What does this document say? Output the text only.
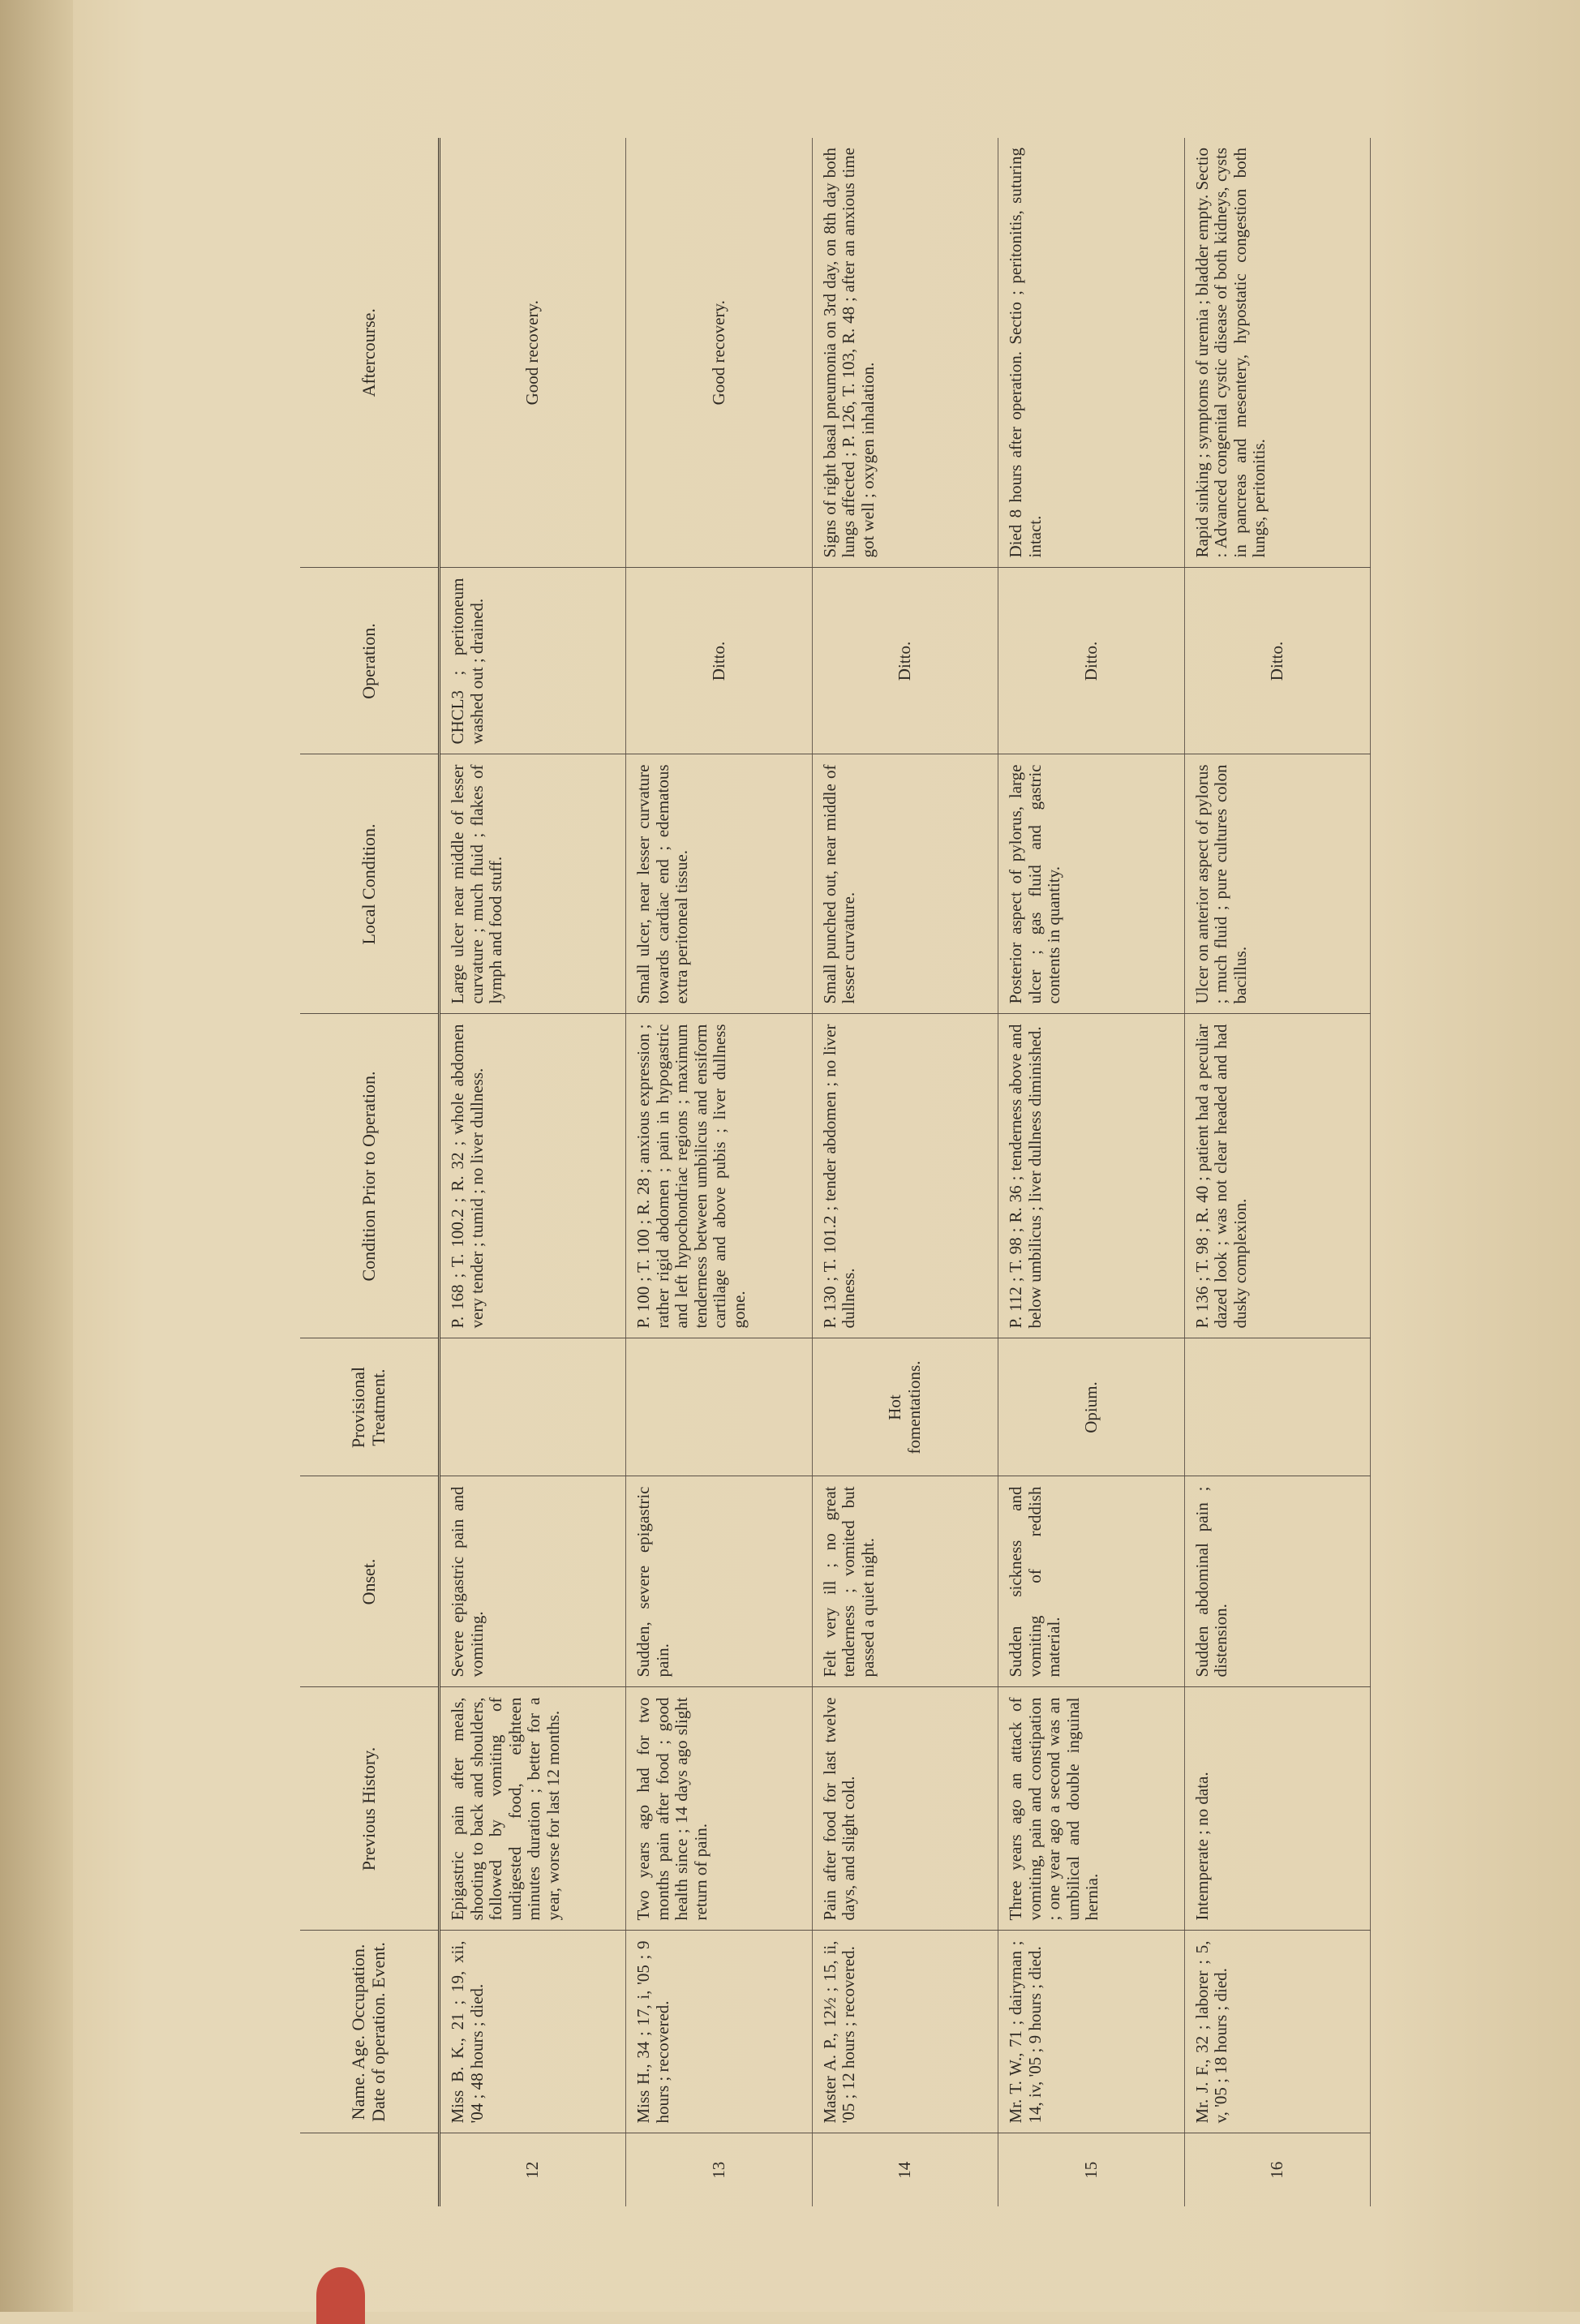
	Name. Age. Occupation. Date of operation. Event.	Previous History.	Onset.	Provisional Treatment.	Condition Prior to Operation.	Local Condition.	Operation.	Aftercourse.
12	Miss B. K., 21 ; 19, xii, '04 ; 48 hours ; died.	Epigastric pain after meals, shooting to back and shoulders, followed by vomiting of undigested food, eighteen minutes duration ; better for a year, worse for last 12 months.	Severe epigastric pain and vomiting.		P. 168 ; T. 100.2 ; R. 32 ; whole abdomen very tender ; tumid ; no liver dullness.	Large ulcer near middle of lesser curvature ; much fluid ; flakes of lymph and food stuff.	CHCL3 ; peritoneum washed out ; drained.	Good recovery.
13	Miss H., 34 ; 17, i, '05 ; 9 hours ; recovered.	Two years ago had for two months pain after food ; good health since ; 14 days ago slight return of pain.	Sudden, severe epigastric pain.		P. 100 ; T. 100 ; R. 28 ; anxious expression ; rather rigid abdomen ; pain in hypogastric and left hypochondriac regions ; maximum tenderness between umbilicus and ensiform cartilage and above pubis ; liver dullness gone.	Small ulcer, near lesser curvature towards cardiac end ; edematous extra peritoneal tissue.	Ditto.	Good recovery.
14	Master A. P., 12½ ; 15, ii, '05 ; 12 hours ; recovered.	Pain after food for last twelve days, and slight cold.	Felt very ill ; no great tenderness ; vomited but passed a quiet night.	Hot fomentations.	P. 130 ; T. 101.2 ; tender abdomen ; no liver dullness.	Small punched out, near middle of lesser curvature.	Ditto.	Signs of right basal pneumonia on 3rd day, on 8th day both lungs affected ; P. 126, T. 103, R. 48 ; after an anxious time got well ; oxygen inhalation.
15	Mr. T. W., 71 ; dairyman ; 14, iv, '05 ; 9 hours ; died.	Three years ago an attack of vomiting, pain and constipation ; one year ago a second was an umbilical and double inguinal hernia.	Sudden sickness and vomiting of reddish material.	Opium.	P. 112 ; T. 98 ; R. 36 ; tenderness above and below umbilicus ; liver dullness diminished.	Posterior aspect of pylorus, large ulcer ; gas fluid and gastric contents in quantity.	Ditto.	Died 8 hours after operation. Sectio ; peritonitis, suturing intact.
16	Mr. J. F., 32 ; laborer ; 5, v, '05 ; 18 hours ; died.	Intemperate ; no data.	Sudden abdominal pain ; distension.		P. 136 ; T. 98 ; R. 40 ; patient had a peculiar dazed look ; was not clear headed and had dusky complexion.	Ulcer on anterior aspect of pylorus ; much fluid ; pure cultures colon bacillus.	Ditto.	Rapid sinking ; symptoms of uremia ; bladder empty. Sectio : Advanced congenital cystic disease of both kidneys, cysts in pancreas and mesentery, hypostatic congestion both lungs, peritonitis.
